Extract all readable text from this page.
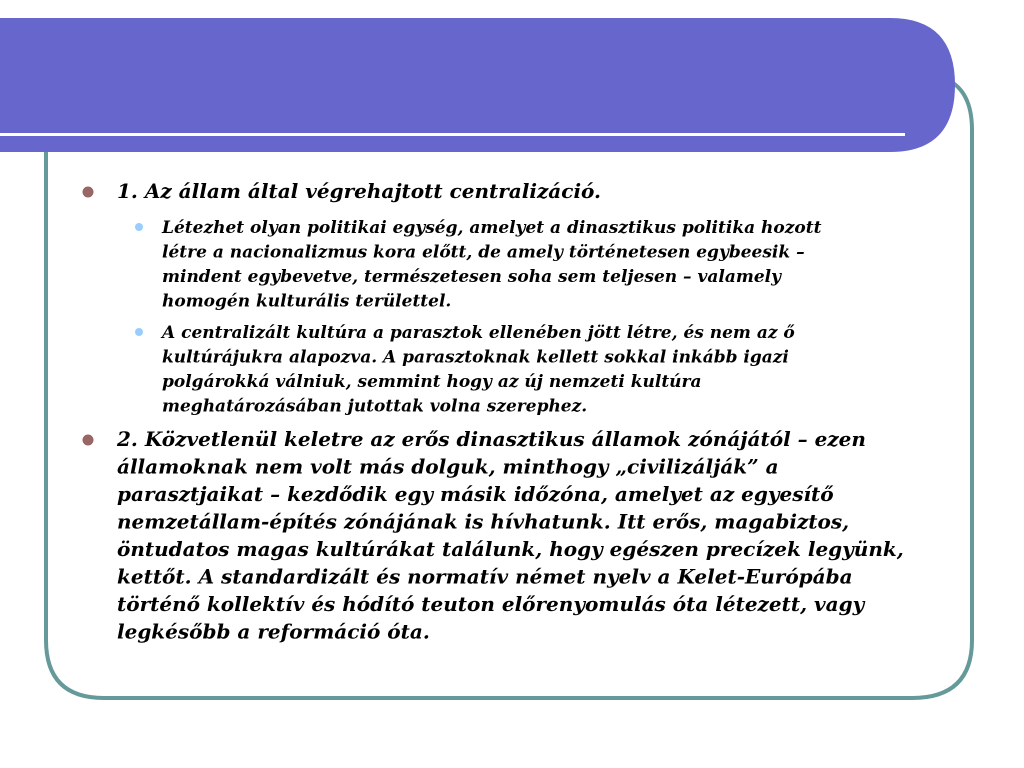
1. Az állam által végrehajtott centralizáció.
Létezhet olyan politikai egység, amelyet a dinasztikus politika hozott
létre a nacionalizmus kora előtt, de amely történetesen egybeesik –
mindent egybevetve, természetesen soha sem teljesen – valamely
homogén kulturális területtel.
A centralizált kultúra a parasztok ellenében jött létre, és nem az ő
kultúrájukra alapozva. A parasztoknak kellett sokkal inkább igazi
polgárokká válniuk, semmint hogy az új nemzeti kultúra
meghatározásában jutottak volna szerephez.
2. Közvetlenül keletre az erős dinasztikus államok zónájától – ezen
államoknak nem volt más dolguk, minthogy „civilizálják” a
parasztjaikat – kezdődik egy másik időzóna, amelyet az egyesítő
nemzetállam-építés zónájának is hívhatunk. Itt erős, magabiztos,
öntudatos magas kultúrákat találunk, hogy egészen precízek legyünk,
kettőt. A standardizált és normatív német nyelv a Kelet-Európába
történő kollektív és hódító teuton előrenyomulás óta létezett, vagy
legkésőbb a reformáció óta.
